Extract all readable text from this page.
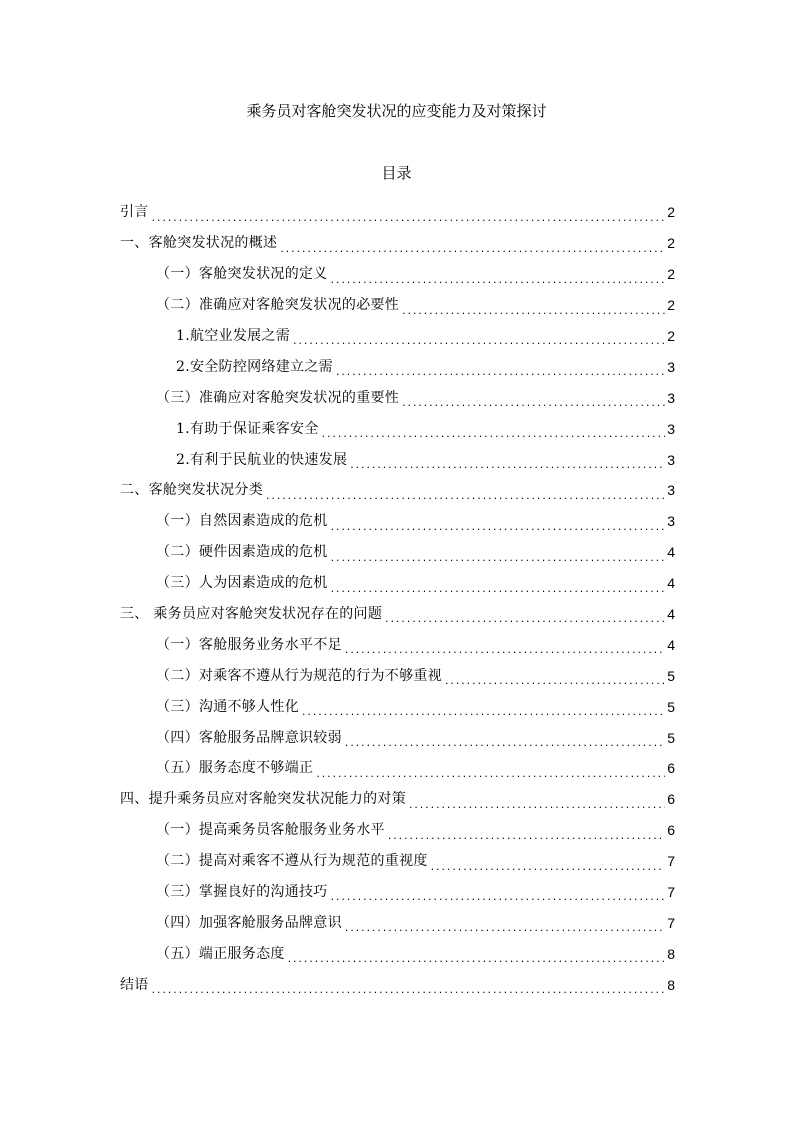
乘务员对客舱突发状况的应变能力及对策探讨
目录
引言 .....	2
一、客舱突发状况的概述 .....	2
（一）客舱突发状况的定义 .....	2
（二）准确应对客舱突发状况的必要性 .....	2
1.航空业发展之需 .....	2
2.安全防控网络建立之需 .....	3
（三）准确应对客舱突发状况的重要性 .....	3
1.有助于保证乘客安全 .....	3
2.有利于民航业的快速发展 .....	3
二、客舱突发状况分类 .....	3
（一）自然因素造成的危机 .....	3
（二）硬件因素造成的危机 .....	4
（三）人为因素造成的危机 .....	4
三、 乘务员应对客舱突发状况存在的问题 .....	4
（一）客舱服务业务水平不足 .....	4
（二）对乘客不遵从行为规范的行为不够重视 .....	5
（三）沟通不够人性化 .....	5
（四）客舱服务品牌意识较弱 .....	5
（五）服务态度不够端正 .....	6
四、提升乘务员应对客舱突发状况能力的对策 .....	6
（一）提高乘务员客舱服务业务水平 .....	6
（二）提高对乘客不遵从行为规范的重视度 .....	7
（三）掌握良好的沟通技巧 .....	7
（四）加强客舱服务品牌意识 .....	7
（五）端正服务态度 .....	8
结语 .....	8
